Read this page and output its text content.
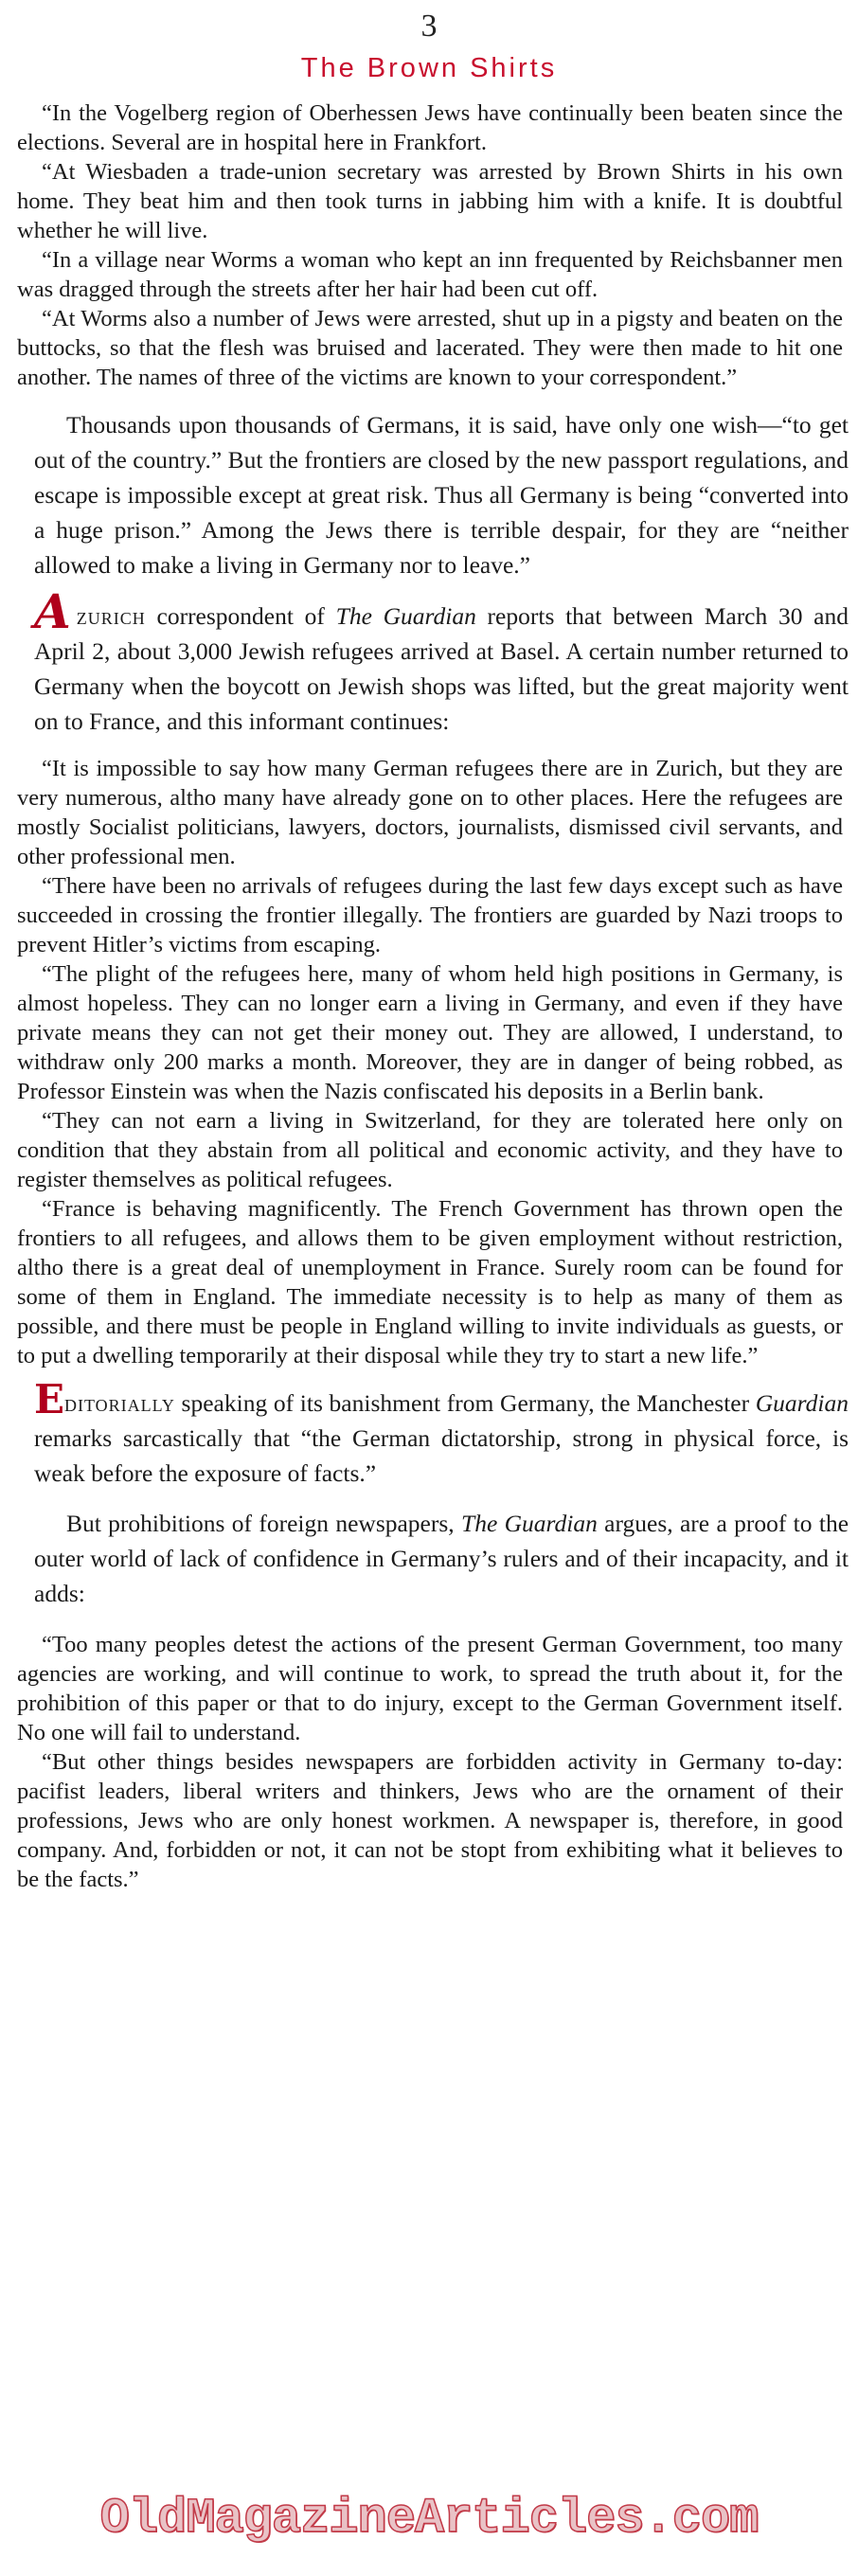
3
The Brown Shirts

“In the Vogelberg region of Oberhessen Jews have continually been beaten since the elections. Several are in hospital here in Frankfort.

“At Wiesbaden a trade-union secretary was arrested by Brown Shirts in his own home. They beat him and then took turns in jabbing him with a knife. It is doubtful whether he will live.

“In a village near Worms a woman who kept an inn frequented by Reichsbanner men was dragged through the streets after her hair had been cut off.

“At Worms also a number of Jews were arrested, shut up in a pigsty and beaten on the buttocks, so that the flesh was bruised and lacerated. They were then made to hit one another. The names of three of the victims are known to your correspondent.”

Thousands upon thousands of Germans, it is said, have only one wish—“to get out of the country.” But the frontiers are closed by the new passport regulations, and escape is impossible except at great risk. Thus all Germany is being “converted into a huge prison.” Among the Jews there is terrible despair, for they are “neither allowed to make a living in Germany nor to leave.”

Azurich correspondent of The Guardian reports that between March 30 and April 2, about 3,000 Jewish refugees arrived at Basel. A certain number returned to Germany when the boycott on Jewish shops was lifted, but the great majority went on to France, and this informant continues:

“It is impossible to say how many German refugees there are in Zurich, but they are very numerous, altho many have already gone on to other places. Here the refugees are mostly Socialist politicians, lawyers, doctors, journalists, dismissed civil servants, and other professional men.

“There have been no arrivals of refugees during the last few days except such as have succeeded in crossing the frontier illegally. The frontiers are guarded by Nazi troops to prevent Hitler’s victims from escaping.

“The plight of the refugees here, many of whom held high positions in Germany, is almost hopeless. They can no longer earn a living in Germany, and even if they have private means they can not get their money out. They are allowed, I understand, to withdraw only 200 marks a month. Moreover, they are in danger of being robbed, as Professor Einstein was when the Nazis confiscated his deposits in a Berlin bank.

“They can not earn a living in Switzerland, for they are tolerated here only on condition that they abstain from all political and economic activity, and they have to register themselves as political refugees.

“France is behaving magnificently. The French Government has thrown open the frontiers to all refugees, and allows them to be given employment without restriction, altho there is a great deal of unemployment in France. Surely room can be found for some of them in England. The immediate necessity is to help as many of them as possible, and there must be people in England willing to invite individuals as guests, or to put a dwelling temporarily at their disposal while they try to start a new life.”

Editorially speaking of its banishment from Germany, the Manchester Guardian remarks sarcastically that “the German dictatorship, strong in physical force, is weak before the exposure of facts.”

But prohibitions of foreign newspapers, The Guardian argues, are a proof to the outer world of lack of confidence in Germany’s rulers and of their incapacity, and it adds:

“Too many peoples detest the actions of the present German Government, too many agencies are working, and will continue to work, to spread the truth about it, for the prohibition of this paper or that to do injury, except to the German Government itself. No one will fail to understand.

“But other things besides newspapers are forbidden activity in Germany to-day: pacifist leaders, liberal writers and thinkers, Jews who are the ornament of their professions, Jews who are only honest workmen. A newspaper is, therefore, in good company. And, forbidden or not, it can not be stopt from exhibiting what it believes to be the facts.”

OldMagazineArticles.com
